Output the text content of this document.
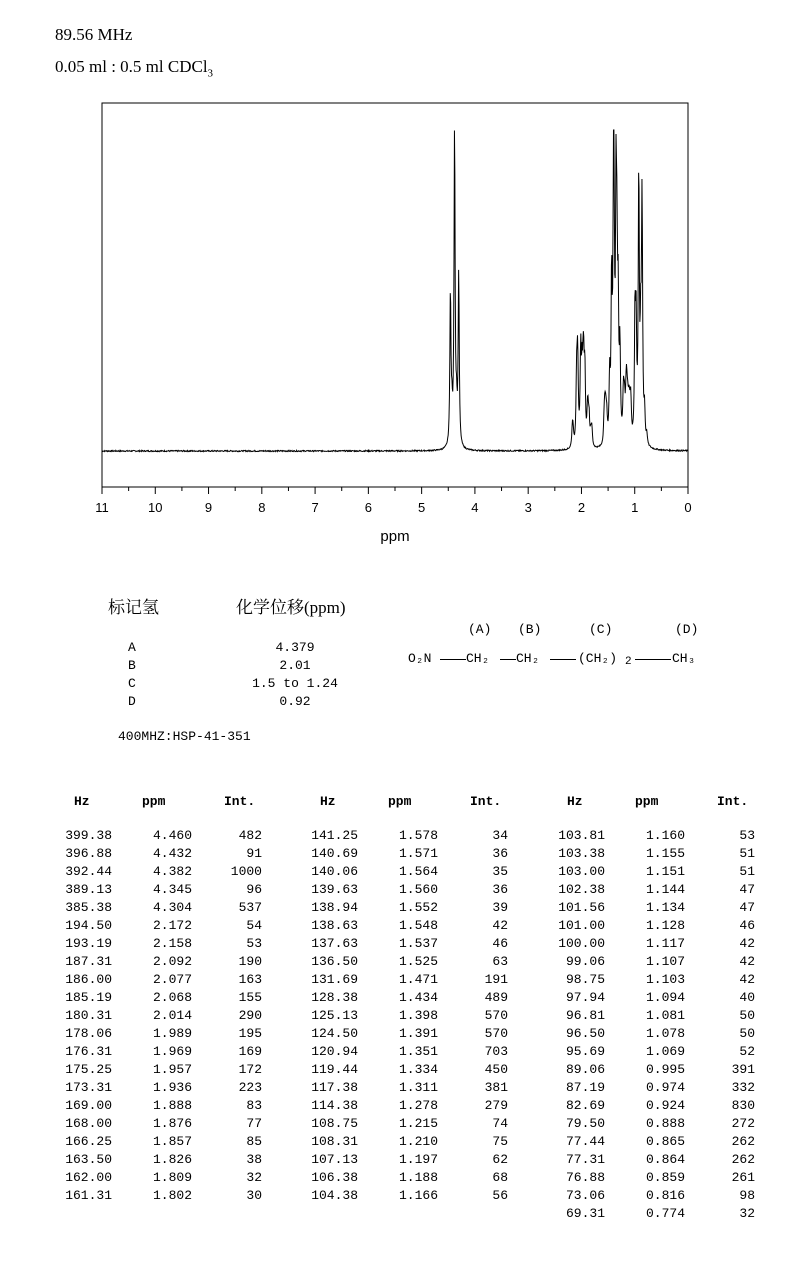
89.56 MHz
0.05 ml : 0.5 ml CDCl$_3$
11	10	9	8	7	6	5	4	3	2	1	0
ppm
标记氢	化学位移(ppm)
A	4.379
B	2.01
C	1.5 to 1.24
D	0.92
(A) (B)	(C)	(D)
O₂N	CH₂ CH₂	(CH₂) 2	CH₃
400MHZ:HSP-41-351
Hz	ppm	Int.
399.38	4.460	482
396.88	4.432	91
392.44	4.382	1000
389.13	4.345	96
385.38	4.304	537
194.50	2.172	54
193.19	2.158	53
187.31	2.092	190
186.00	2.077	163
185.19	2.068	155
180.31	2.014	290
178.06	1.989	195
176.31	1.969	169
175.25	1.957	172
173.31	1.936	223
169.00	1.888	83
168.00	1.876	77
166.25	1.857	85
163.50	1.826	38
162.00	1.809	32
161.31	1.802	30
Hz	ppm	Int.
141.25	1.578	34
140.69	1.571	36
140.06	1.564	35
139.63	1.560	36
138.94	1.552	39
138.63	1.548	42
137.63	1.537	46
136.50	1.525	63
131.69	1.471	191
128.38	1.434	489
125.13	1.398	570
124.50	1.391	570
120.94	1.351	703
119.44	1.334	450
117.38	1.311	381
114.38	1.278	279
108.75	1.215	74
108.31	1.210	75
107.13	1.197	62
106.38	1.188	68
104.38	1.166	56
Hz	ppm	Int.
103.81	1.160	53
103.38	1.155	51
103.00	1.151	51
102.38	1.144	47
101.56	1.134	47
101.00	1.128	46
100.00	1.117	42
99.06	1.107	42
98.75	1.103	42
97.94	1.094	40
96.81	1.081	50
96.50	1.078	50
95.69	1.069	52
89.06	0.995	391
87.19	0.974	332
82.69	0.924	830
79.50	0.888	272
77.44	0.865	262
77.31	0.864	262
76.88	0.859	261
73.06	0.816	98
69.31	0.774	32
